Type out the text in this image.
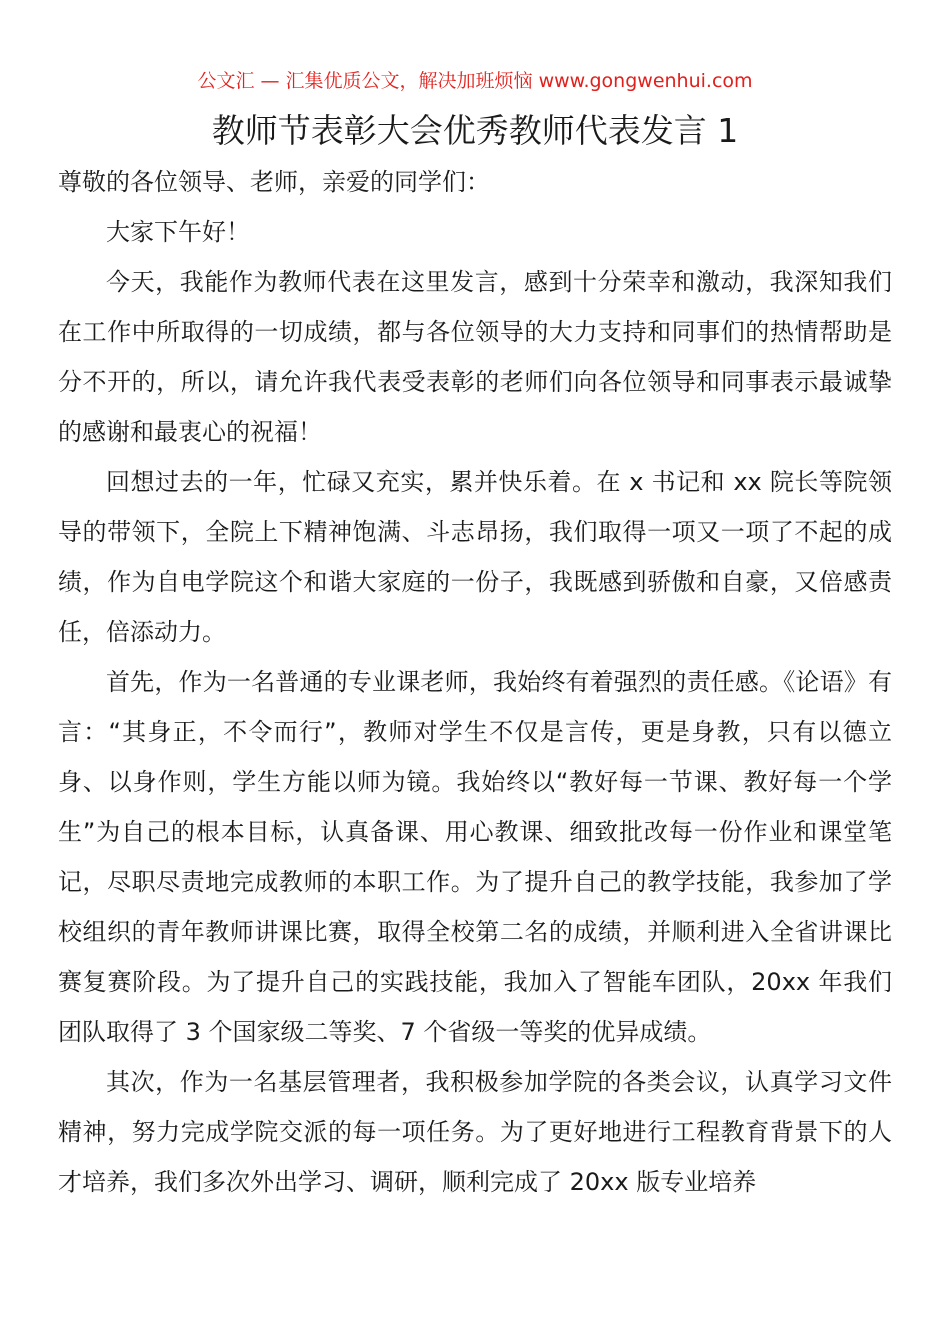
公文汇 — 汇集优质公文，解决加班烦恼 www.gongwenhui.com
教师节表彰大会优秀教师代表发言 1

尊敬的各位领导、老师，亲爱的同学们：

大家下午好！

今天，我能作为教师代表在这里发言，感到十分荣幸和激动，我深知我们在工作中所取得的一切成绩，都与各位领导的大力支持和同事们的热情帮助是分不开的，所以，请允许我代表受表彰的老师们向各位领导和同事表示最诚挚的感谢和最衷心的祝福！

回想过去的一年，忙碌又充实，累并快乐着。在 x 书记和 xx 院长等院领导的带领下，全院上下精神饱满、斗志昂扬，我们取得一项又一项了不起的成绩，作为自电学院这个和谐大家庭的一份子，我既感到骄傲和自豪，又倍感责任，倍添动力。

首先，作为一名普通的专业课老师，我始终有着强烈的责任感。《论语》有言：“其身正，不令而行”，教师对学生不仅是言传，更是身教，只有以德立身、以身作则，学生方能以师为镜。我始终以“教好每一节课、教好每一个学生”为自己的根本目标，认真备课、用心教课、细致批改每一份作业和课堂笔记，尽职尽责地完成教师的本职工作。为了提升自己的教学技能，我参加了学校组织的青年教师讲课比赛，取得全校第二名的成绩，并顺利进入全省讲课比赛复赛阶段。为了提升自己的实践技能，我加入了智能车团队，20xx 年我们团队取得了 3 个国家级二等奖、7 个省级一等奖的优异成绩。

其次，作为一名基层管理者，我积极参加学院的各类会议，认真学习文件精神，努力完成学院交派的每一项任务。为了更好地进行工程教育背景下的人才培养，我们多次外出学习、调研，顺利完成了 20xx 版专业培养
